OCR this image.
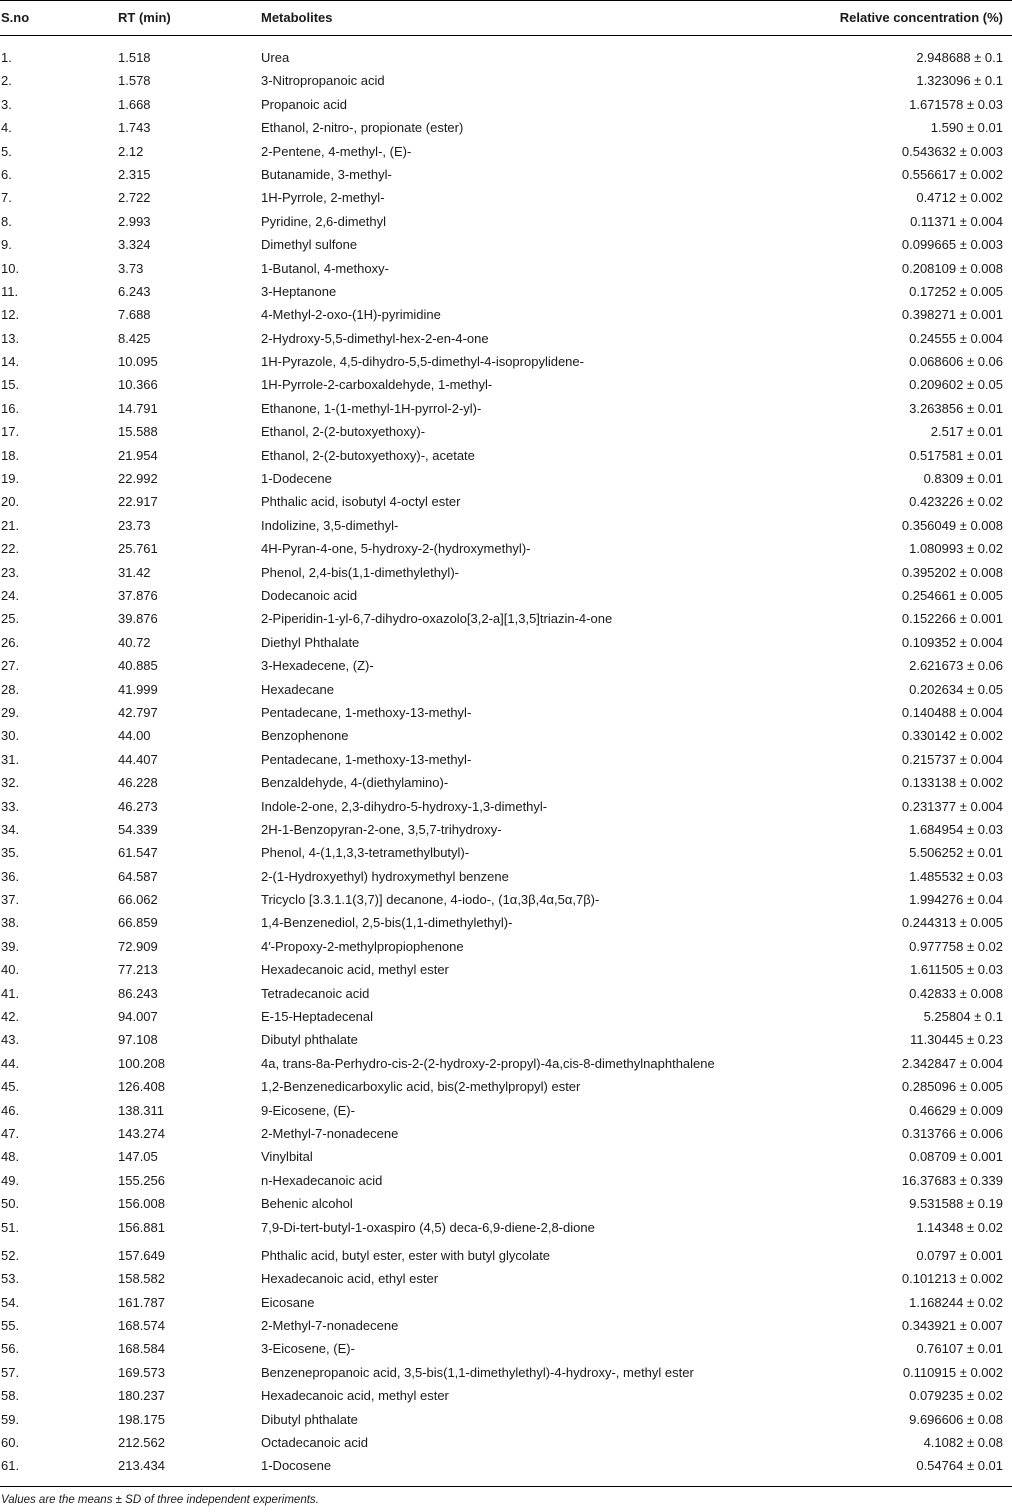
S.no	RT (min)	Metabolites	Relative concentration (%)
1.	1.518	Urea	2.948688 ± 0.1
2.	1.578	3-Nitropropanoic acid	1.323096 ± 0.1
3.	1.668	Propanoic acid	1.671578 ± 0.03
4.	1.743	Ethanol, 2-nitro-, propionate (ester)	1.590 ± 0.01
5.	2.12	2-Pentene, 4-methyl-, (E)-	0.543632 ± 0.003
6.	2.315	Butanamide, 3-methyl-	0.556617 ± 0.002
7.	2.722	1H-Pyrrole, 2-methyl-	0.4712 ± 0.002
8.	2.993	Pyridine, 2,6-dimethyl	0.11371 ± 0.004
9.	3.324	Dimethyl sulfone	0.099665 ± 0.003
10.	3.73	1-Butanol, 4-methoxy-	0.208109 ± 0.008
11.	6.243	3-Heptanone	0.17252 ± 0.005
12.	7.688	4-Methyl-2-oxo-(1H)-pyrimidine	0.398271 ± 0.001
13.	8.425	2-Hydroxy-5,5-dimethyl-hex-2-en-4-one	0.24555 ± 0.004
14.	10.095	1H-Pyrazole, 4,5-dihydro-5,5-dimethyl-4-isopropylidene-	0.068606 ± 0.06
15.	10.366	1H-Pyrrole-2-carboxaldehyde, 1-methyl-	0.209602 ± 0.05
16.	14.791	Ethanone, 1-(1-methyl-1H-pyrrol-2-yl)-	3.263856 ± 0.01
17.	15.588	Ethanol, 2-(2-butoxyethoxy)-	2.517 ± 0.01
18.	21.954	Ethanol, 2-(2-butoxyethoxy)-, acetate	0.517581 ± 0.01
19.	22.992	1-Dodecene	0.8309 ± 0.01
20.	22.917	Phthalic acid, isobutyl 4-octyl ester	0.423226 ± 0.02
21.	23.73	Indolizine, 3,5-dimethyl-	0.356049 ± 0.008
22.	25.761	4H-Pyran-4-one, 5-hydroxy-2-(hydroxymethyl)-	1.080993 ± 0.02
23.	31.42	Phenol, 2,4-bis(1,1-dimethylethyl)-	0.395202 ± 0.008
24.	37.876	Dodecanoic acid	0.254661 ± 0.005
25.	39.876	2-Piperidin-1-yl-6,7-dihydro-oxazolo[3,2-a][1,3,5]triazin-4-one	0.152266 ± 0.001
26.	40.72	Diethyl Phthalate	0.109352 ± 0.004
27.	40.885	3-Hexadecene, (Z)-	2.621673 ± 0.06
28.	41.999	Hexadecane	0.202634 ± 0.05
29.	42.797	Pentadecane, 1-methoxy-13-methyl-	0.140488 ± 0.004
30.	44.00	Benzophenone	0.330142 ± 0.002
31.	44.407	Pentadecane, 1-methoxy-13-methyl-	0.215737 ± 0.004
32.	46.228	Benzaldehyde, 4-(diethylamino)-	0.133138 ± 0.002
33.	46.273	Indole-2-one, 2,3-dihydro-5-hydroxy-1,3-dimethyl-	0.231377 ± 0.004
34.	54.339	2H-1-Benzopyran-2-one, 3,5,7-trihydroxy-	1.684954 ± 0.03
35.	61.547	Phenol, 4-(1,1,3,3-tetramethylbutyl)-	5.506252 ± 0.01
36.	64.587	2-(1-Hydroxyethyl) hydroxymethyl benzene	1.485532 ± 0.03
37.	66.062	Tricyclo [3.3.1.1(3,7)] decanone, 4-iodo-, (1α,3β,4α,5α,7β)-	1.994276 ± 0.04
38.	66.859	1,4-Benzenediol, 2,5-bis(1,1-dimethylethyl)-	0.244313 ± 0.005
39.	72.909	4′-Propoxy-2-methylpropiophenone	0.977758 ± 0.02
40.	77.213	Hexadecanoic acid, methyl ester	1.611505 ± 0.03
41.	86.243	Tetradecanoic acid	0.42833 ± 0.008
42.	94.007	E-15-Heptadecenal	5.25804 ± 0.1
43.	97.108	Dibutyl phthalate	11.30445 ± 0.23
44.	100.208	4a, trans-8a-Perhydro-cis-2-(2-hydroxy-2-propyl)-4a,cis-8-dimethylnaphthalene	2.342847 ± 0.004
45.	126.408	1,2-Benzenedicarboxylic acid, bis(2-methylpropyl) ester	0.285096 ± 0.005
46.	138.311	9-Eicosene, (E)-	0.46629 ± 0.009
47.	143.274	2-Methyl-7-nonadecene	0.313766 ± 0.006
48.	147.05	Vinylbital	0.08709 ± 0.001
49.	155.256	n-Hexadecanoic acid	16.37683 ± 0.339
50.	156.008	Behenic alcohol	9.531588 ± 0.19
51.	156.881	7,9-Di-tert-butyl-1-oxaspiro (4,5) deca-6,9-diene-2,8-dione	1.14348 ± 0.02
52.	157.649	Phthalic acid, butyl ester, ester with butyl glycolate	0.0797 ± 0.001
53.	158.582	Hexadecanoic acid, ethyl ester	0.101213 ± 0.002
54.	161.787	Eicosane	1.168244 ± 0.02
55.	168.574	2-Methyl-7-nonadecene	0.343921 ± 0.007
56.	168.584	3-Eicosene, (E)-	0.76107 ± 0.01
57.	169.573	Benzenepropanoic acid, 3,5-bis(1,1-dimethylethyl)-4-hydroxy-, methyl ester	0.110915 ± 0.002
58.	180.237	Hexadecanoic acid, methyl ester	0.079235 ± 0.02
59.	198.175	Dibutyl phthalate	9.696606 ± 0.08
60.	212.562	Octadecanoic acid	4.1082 ± 0.08
61.	213.434	1-Docosene	0.54764 ± 0.01
Values are the means ± SD of three independent experiments.
